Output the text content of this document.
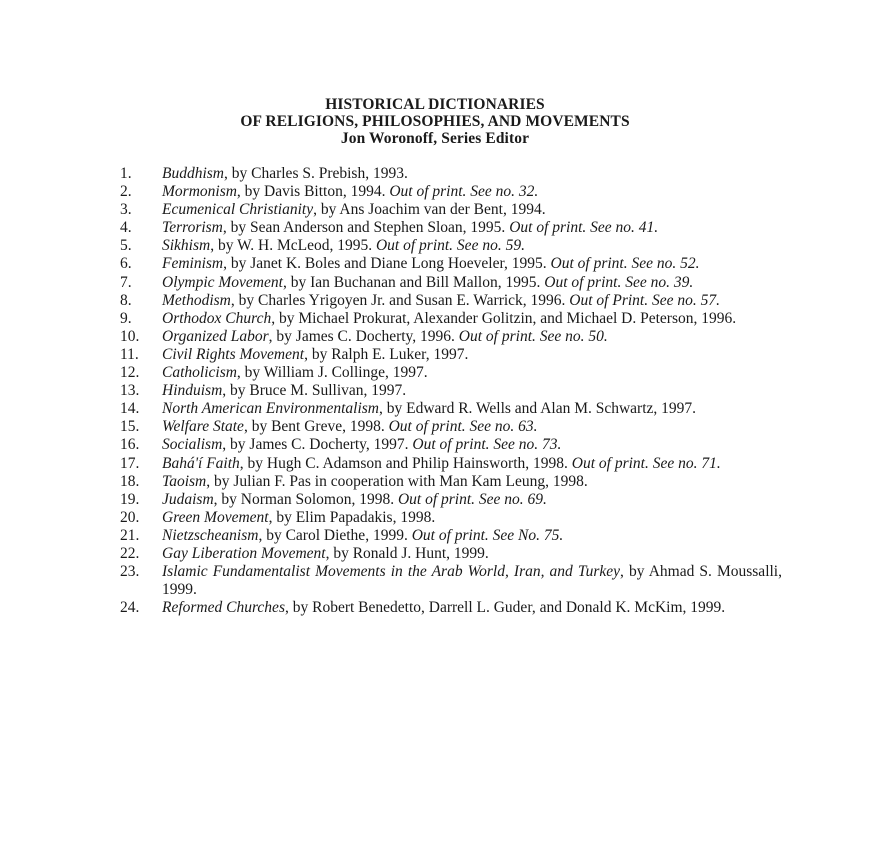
HISTORICAL DICTIONARIES
OF RELIGIONS, PHILOSOPHIES, AND MOVEMENTS
Jon Woronoff, Series Editor
1.	Buddhism, by Charles S. Prebish, 1993.
2.	Mormonism, by Davis Bitton, 1994. Out of print. See no. 32.
3.	Ecumenical Christianity, by Ans Joachim van der Bent, 1994.
4.	Terrorism, by Sean Anderson and Stephen Sloan, 1995. Out of print. See no. 41.
5.	Sikhism, by W. H. McLeod, 1995. Out of print. See no. 59.
6.	Feminism, by Janet K. Boles and Diane Long Hoeveler, 1995. Out of print. See no. 52.
7.	Olympic Movement, by Ian Buchanan and Bill Mallon, 1995. Out of print. See no. 39.
8.	Methodism, by Charles Yrigoyen Jr. and Susan E. Warrick, 1996. Out of Print. See no. 57.
9.	Orthodox Church, by Michael Prokurat, Alexander Golitzin, and Michael D. Peterson, 1996.
10.	Organized Labor, by James C. Docherty, 1996. Out of print. See no. 50.
11.	Civil Rights Movement, by Ralph E. Luker, 1997.
12.	Catholicism, by William J. Collinge, 1997.
13.	Hinduism, by Bruce M. Sullivan, 1997.
14.	North American Environmentalism, by Edward R. Wells and Alan M. Schwartz, 1997.
15.	Welfare State, by Bent Greve, 1998. Out of print. See no. 63.
16.	Socialism, by James C. Docherty, 1997. Out of print. See no. 73.
17.	Bahá'í Faith, by Hugh C. Adamson and Philip Hainsworth, 1998. Out of print. See no. 71.
18.	Taoism, by Julian F. Pas in cooperation with Man Kam Leung, 1998.
19.	Judaism, by Norman Solomon, 1998. Out of print. See no. 69.
20.	Green Movement, by Elim Papadakis, 1998.
21.	Nietzscheanism, by Carol Diethe, 1999. Out of print. See No. 75.
22.	Gay Liberation Movement, by Ronald J. Hunt, 1999.
23.	Islamic Fundamentalist Movements in the Arab World, Iran, and Turkey, by Ahmad S. Moussalli, 1999.
24.	Reformed Churches, by Robert Benedetto, Darrell L. Guder, and Donald K. McKim, 1999.
